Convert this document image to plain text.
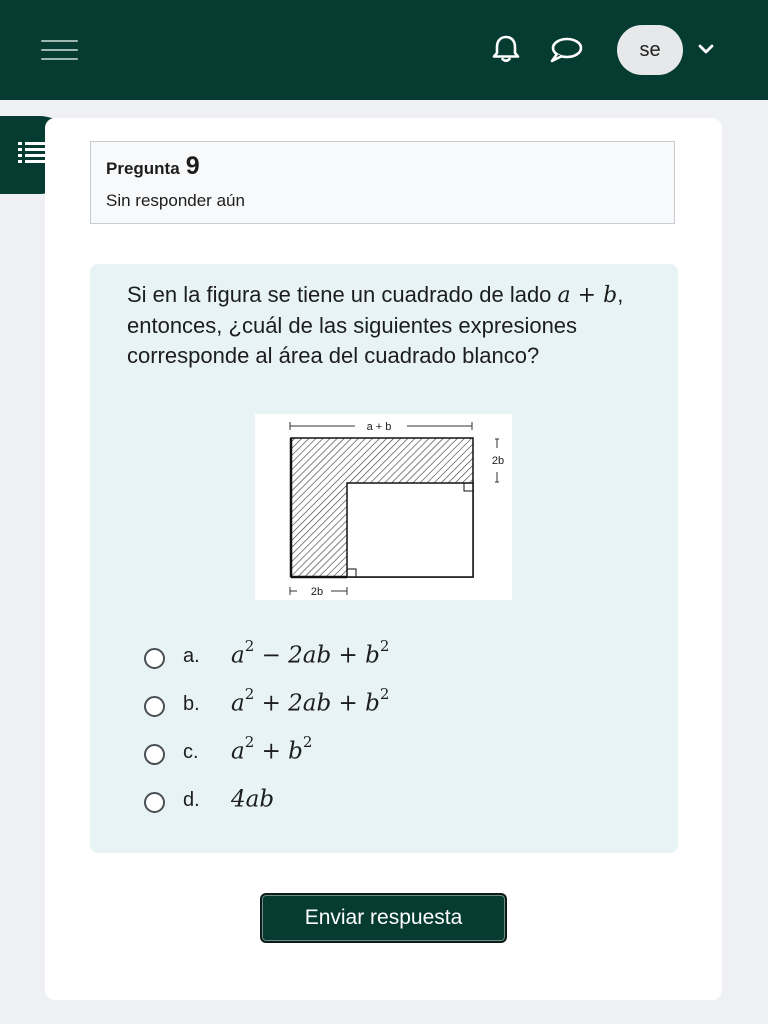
se
Pregunta 9
Sin responder aún
Si en la figura se tiene un cuadrado de lado a + b, entonces, ¿cuál de las siguientes expresiones corresponde al área del cuadrado blanco?
a + b
2b
2b
a. $a^2 - 2ab + b^2$
b. $a^2 + 2ab + b^2$
c. $a^2 + b^2$
d. 4ab
Enviar respuesta
